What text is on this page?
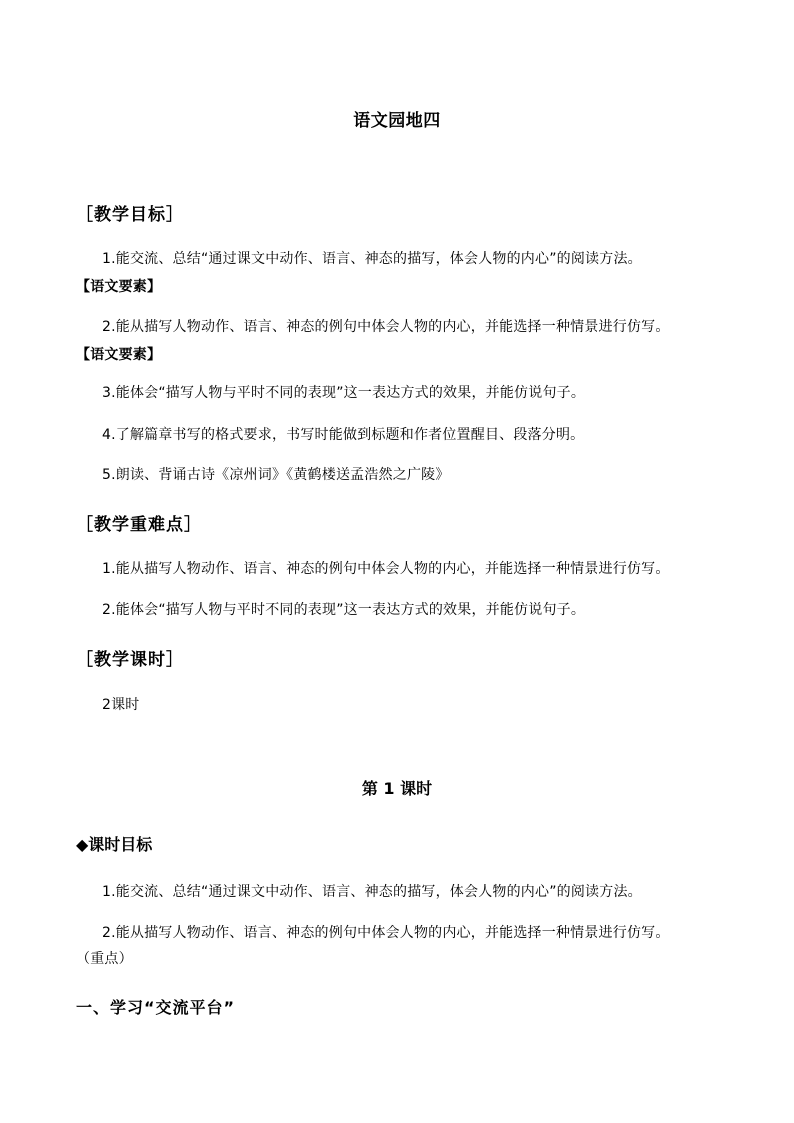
语文园地四
［教学目标］
1.能交流、总结“通过课文中动作、语言、神态的描写，体会人物的内心”的阅读方法。
【语文要素】
2.能从描写人物动作、语言、神态的例句中体会人物的内心，并能选择一种情景进行仿写。
【语文要素】
3.能体会“描写人物与平时不同的表现”这一表达方式的效果，并能仿说句子。
4.了解篇章书写的格式要求，书写时能做到标题和作者位置醒目、段落分明。
5.朗读、背诵古诗《凉州词》《黄鹤楼送孟浩然之广陵》
［教学重难点］
1.能从描写人物动作、语言、神态的例句中体会人物的内心，并能选择一种情景进行仿写。
2.能体会“描写人物与平时不同的表现”这一表达方式的效果，并能仿说句子。
［教学课时］
2课时
第 1 课时
◆课时目标
1.能交流、总结“通过课文中动作、语言、神态的描写，体会人物的内心”的阅读方法。
2.能从描写人物动作、语言、神态的例句中体会人物的内心，并能选择一种情景进行仿写。
（重点）
一、学习“交流平台”
